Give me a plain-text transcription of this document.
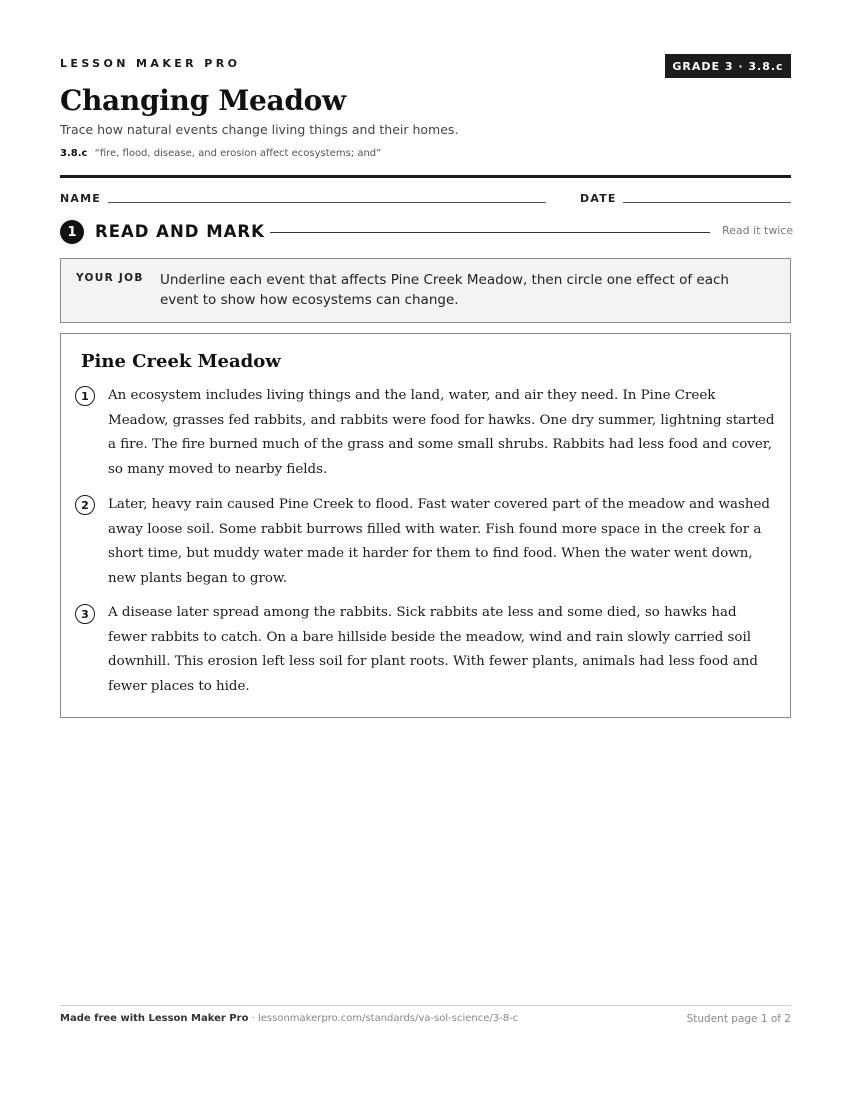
LESSON MAKER PRO	GRADE 3 · 3.8.c
Changing Meadow
Trace how natural events change living things and their homes.
3.8.c “fire, flood, disease, and erosion affect ecosystems; and”
NAME	DATE
1	READ AND MARK	Read it twice
YOUR JOB Underline each event that affects Pine Creek Meadow, then circle one effect of each event to show how ecosystems can change.
Pine Creek Meadow
1	An ecosystem includes living things and the land, water, and air they need. In Pine Creek Meadow, grasses fed rabbits, and rabbits were food for hawks. One dry summer, lightning started a fire. The fire burned much of the grass and some small shrubs. Rabbits had less food and cover, so many moved to nearby fields.

2	Later, heavy rain caused Pine Creek to flood. Fast water covered part of the meadow and washed away loose soil. Some rabbit burrows filled with water. Fish found more space in the creek for a short time, but muddy water made it harder for them to find food. When the water went down, new plants began to grow.

3	A disease later spread among the rabbits. Sick rabbits ate less and some died, so hawks had fewer rabbits to catch. On a bare hillside beside the meadow, wind and rain slowly carried soil downhill. This erosion left less soil for plant roots. With fewer plants, animals had less food and fewer places to hide.

Made free with Lesson Maker Pro · lessonmakerpro.com/standards/va-sol-science/3-8-c	Student page 1 of 2
